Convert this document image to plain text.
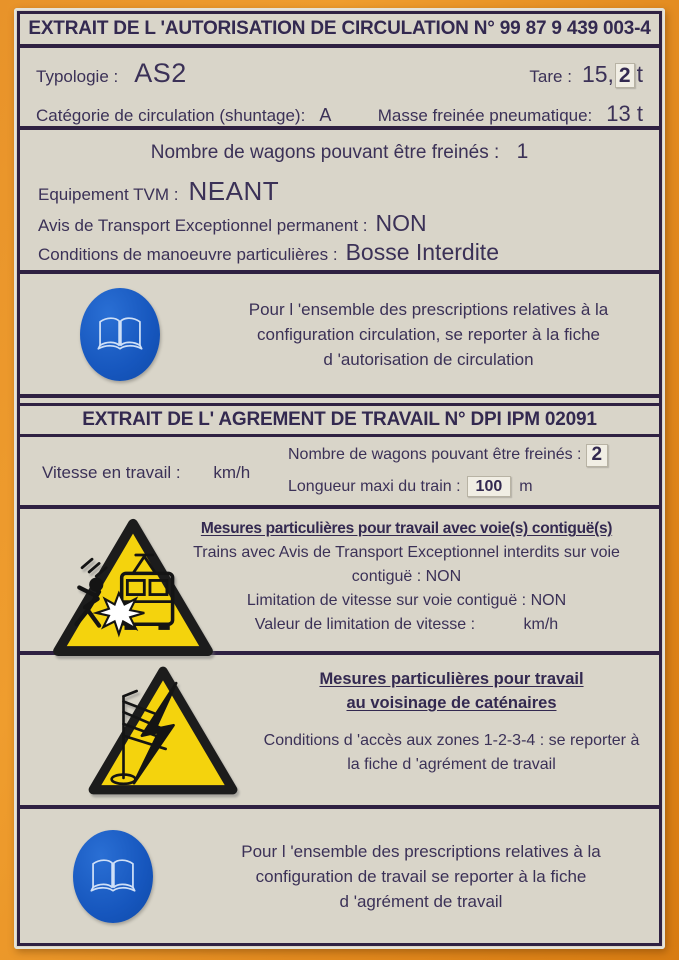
EXTRAIT DE L 'AUTORISATION DE CIRCULATION N° 99 87 9 439 003-4
Typologie : AS2	Tare : 15, 2 t
Catégorie de circulation (shuntage): A	Masse freinée pneumatique: 13 t
Nombre de wagons pouvant être freinés : 1
Equipement TVM : NEANT
Avis de Transport Exceptionnel permanent : NON
Conditions de manoeuvre particulières : Bosse Interdite
Pour l 'ensemble des prescriptions relatives à la
configuration circulation, se reporter à la fiche
d 'autorisation de circulation
EXTRAIT DE L' AGREMENT DE TRAVAIL N° DPI IPM 02091
Vitesse en travail : km/h
Nombre de wagons pouvant être freinés : 2
Longueur maxi du train : 100	m
Mesures particulières pour travail avec voie(s) contiguë(s)
Trains avec Avis de Transport Exceptionnel interdits sur voie
contiguë : NON
Limitation de vitesse sur voie contiguë : NON
Valeur de limitation de vitesse :	km/h
Mesures particulières pour travail
au voisinage de caténaires
Conditions d 'accès aux zones 1-2-3-4 : se reporter à
la fiche d 'agrément de travail
Pour l 'ensemble des prescriptions relatives à la
configuration de travail se reporter à la fiche
d 'agrément de travail
